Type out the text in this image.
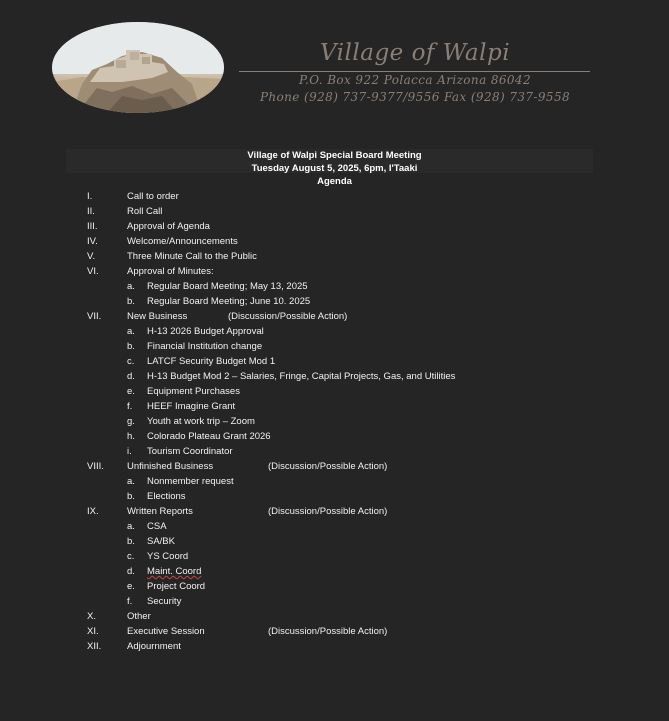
Village of Walpi
P.O. Box 922 Polacca Arizona 86042
Phone (928) 737-9377/9556 Fax (928) 737-9558
Village of Walpi Special Board Meeting
Tuesday August 5, 2025, 6pm, I'Taaki
Agenda
I.	Call to order
II.	Roll Call
III.	Approval of Agenda
IV.	Welcome/Announcements
V.	Three Minute Call to the Public
VI.	Approval of Minutes:
a. Regular Board Meeting; May 13, 2025
b. Regular Board Meeting; June 10. 2025
VII.	New Business	(Discussion/Possible Action)
a. H-13 2026 Budget Approval
b. Financial Institution change
c. LATCF Security Budget Mod 1
d. H-13 Budget Mod 2 – Salaries, Fringe, Capital Projects, Gas, and Utilities
e. Equipment Purchases
f. HEEF Imagine Grant
g. Youth at work trip – Zoom
h. Colorado Plateau Grant 2026
i. Tourism Coordinator
VIII. Unfinished Business	(Discussion/Possible Action)
a. Nonmember request
b. Elections
IX.	Written Reports	(Discussion/Possible Action)
a. CSA
b. SA/BK
c. YS Coord
d. Maint. Coord
e. Project Coord
f. Security
X.	Other
XI.	Executive Session	(Discussion/Possible Action)
XII.	Adjournment
